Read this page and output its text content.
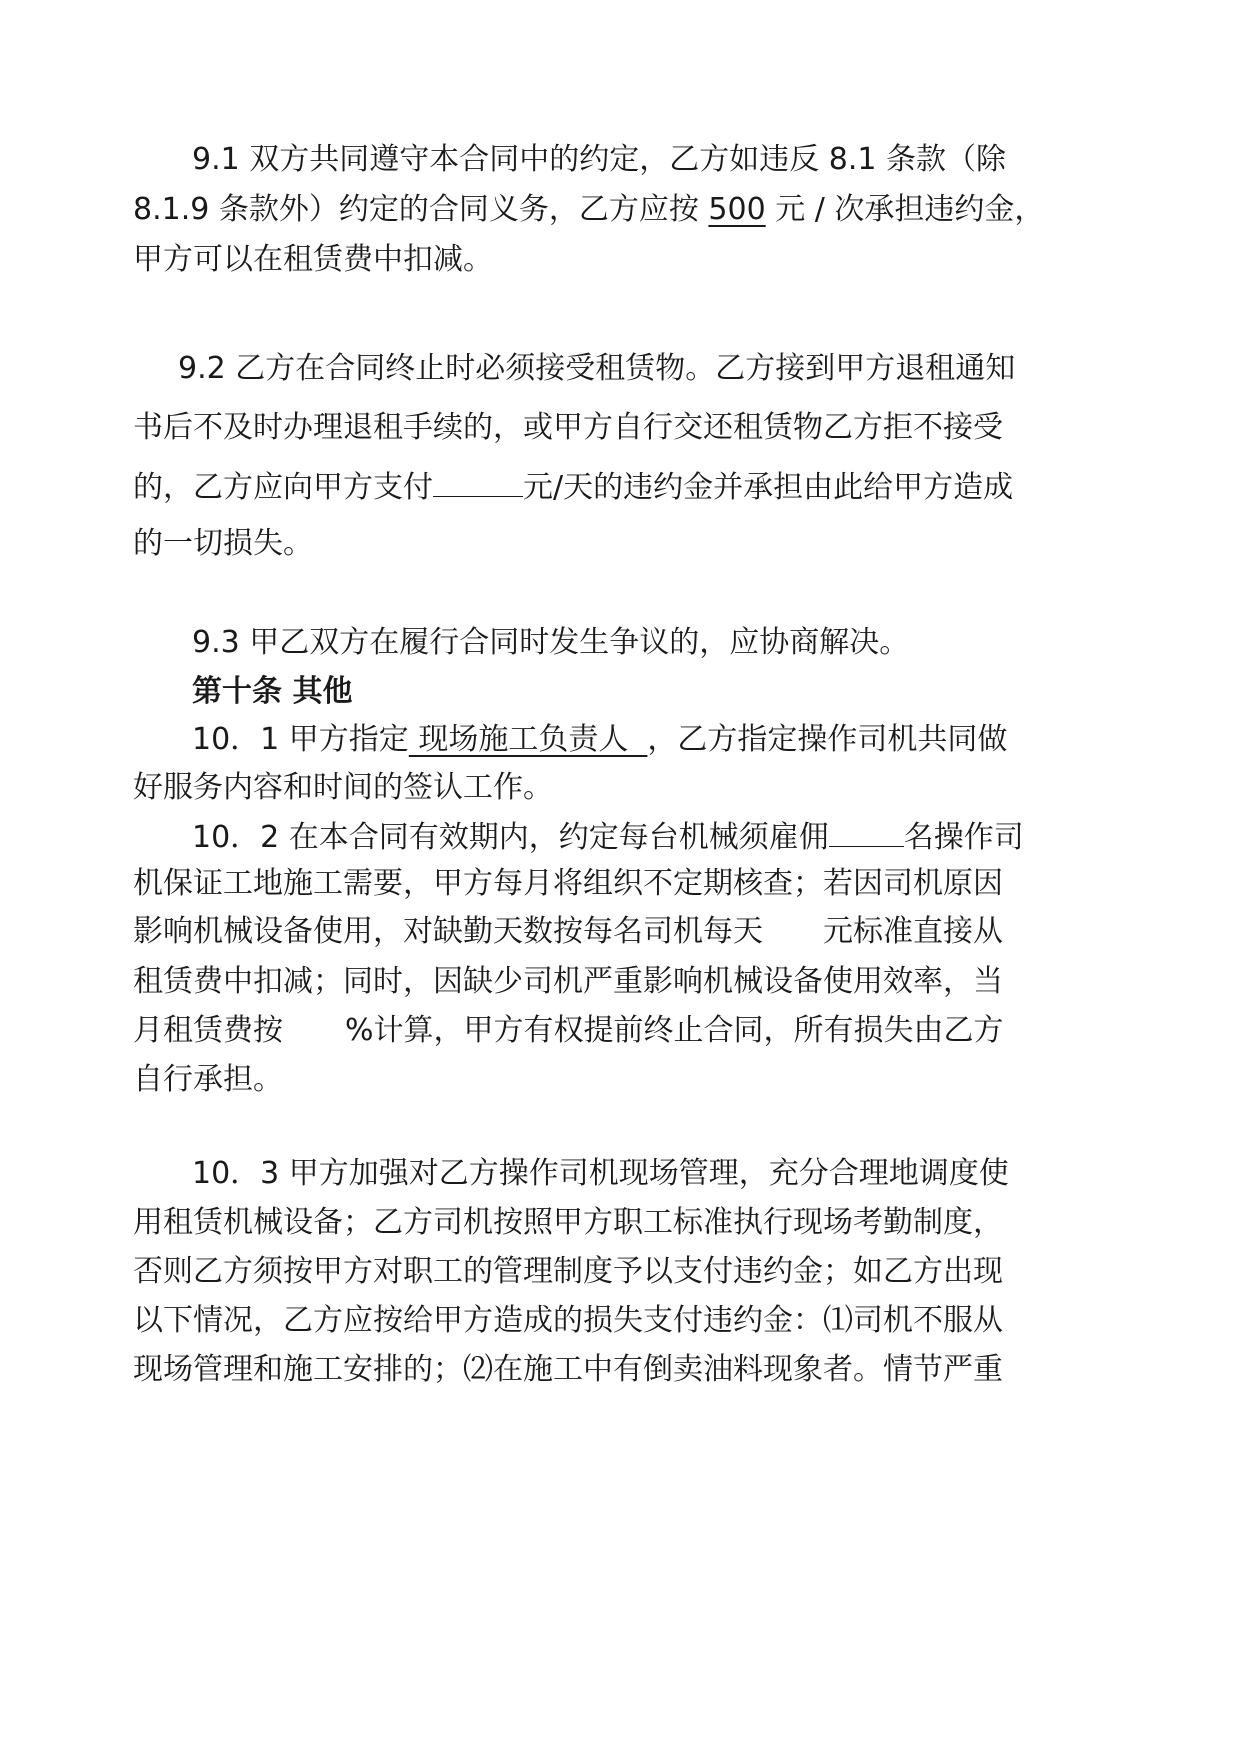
9.1 双方共同遵守本合同中的约定，乙方如违反 8.1 条款（除
8.1.9 条款外）约定的合同义务，乙方应按 500 元 / 次承担违约金，
甲方可以在租赁费中扣减。
9.2 乙方在合同终止时必须接受租赁物。乙方接到甲方退租通知
书后不及时办理退租手续的，或甲方自行交还租赁物乙方拒不接受
的，乙方应向甲方支付	元/天的违约金并承担由此给甲方造成
的一切损失。
9.3 甲乙双方在履行合同时发生争议的，应协商解决。
第十条 其他
10．1 甲方指定 现场施工负责人  ，乙方指定操作司机共同做
好服务内容和时间的签认工作。
10．2 在本合同有效期内，约定每台机械须雇佣	名操作司
机保证工地施工需要，甲方每月将组织不定期核查；若因司机原因
影响机械设备使用，对缺勤天数按每名司机每天 元标准直接从
租赁费中扣减；同时，因缺少司机严重影响机械设备使用效率，当
月租赁费按 %计算，甲方有权提前终止合同，所有损失由乙方
自行承担。
10．3 甲方加强对乙方操作司机现场管理，充分合理地调度使
用租赁机械设备；乙方司机按照甲方职工标准执行现场考勤制度，
否则乙方须按甲方对职工的管理制度予以支付违约金；如乙方出现
以下情况，乙方应按给甲方造成的损失支付违约金：⑴司机不服从
现场管理和施工安排的；⑵在施工中有倒卖油料现象者。情节严重
